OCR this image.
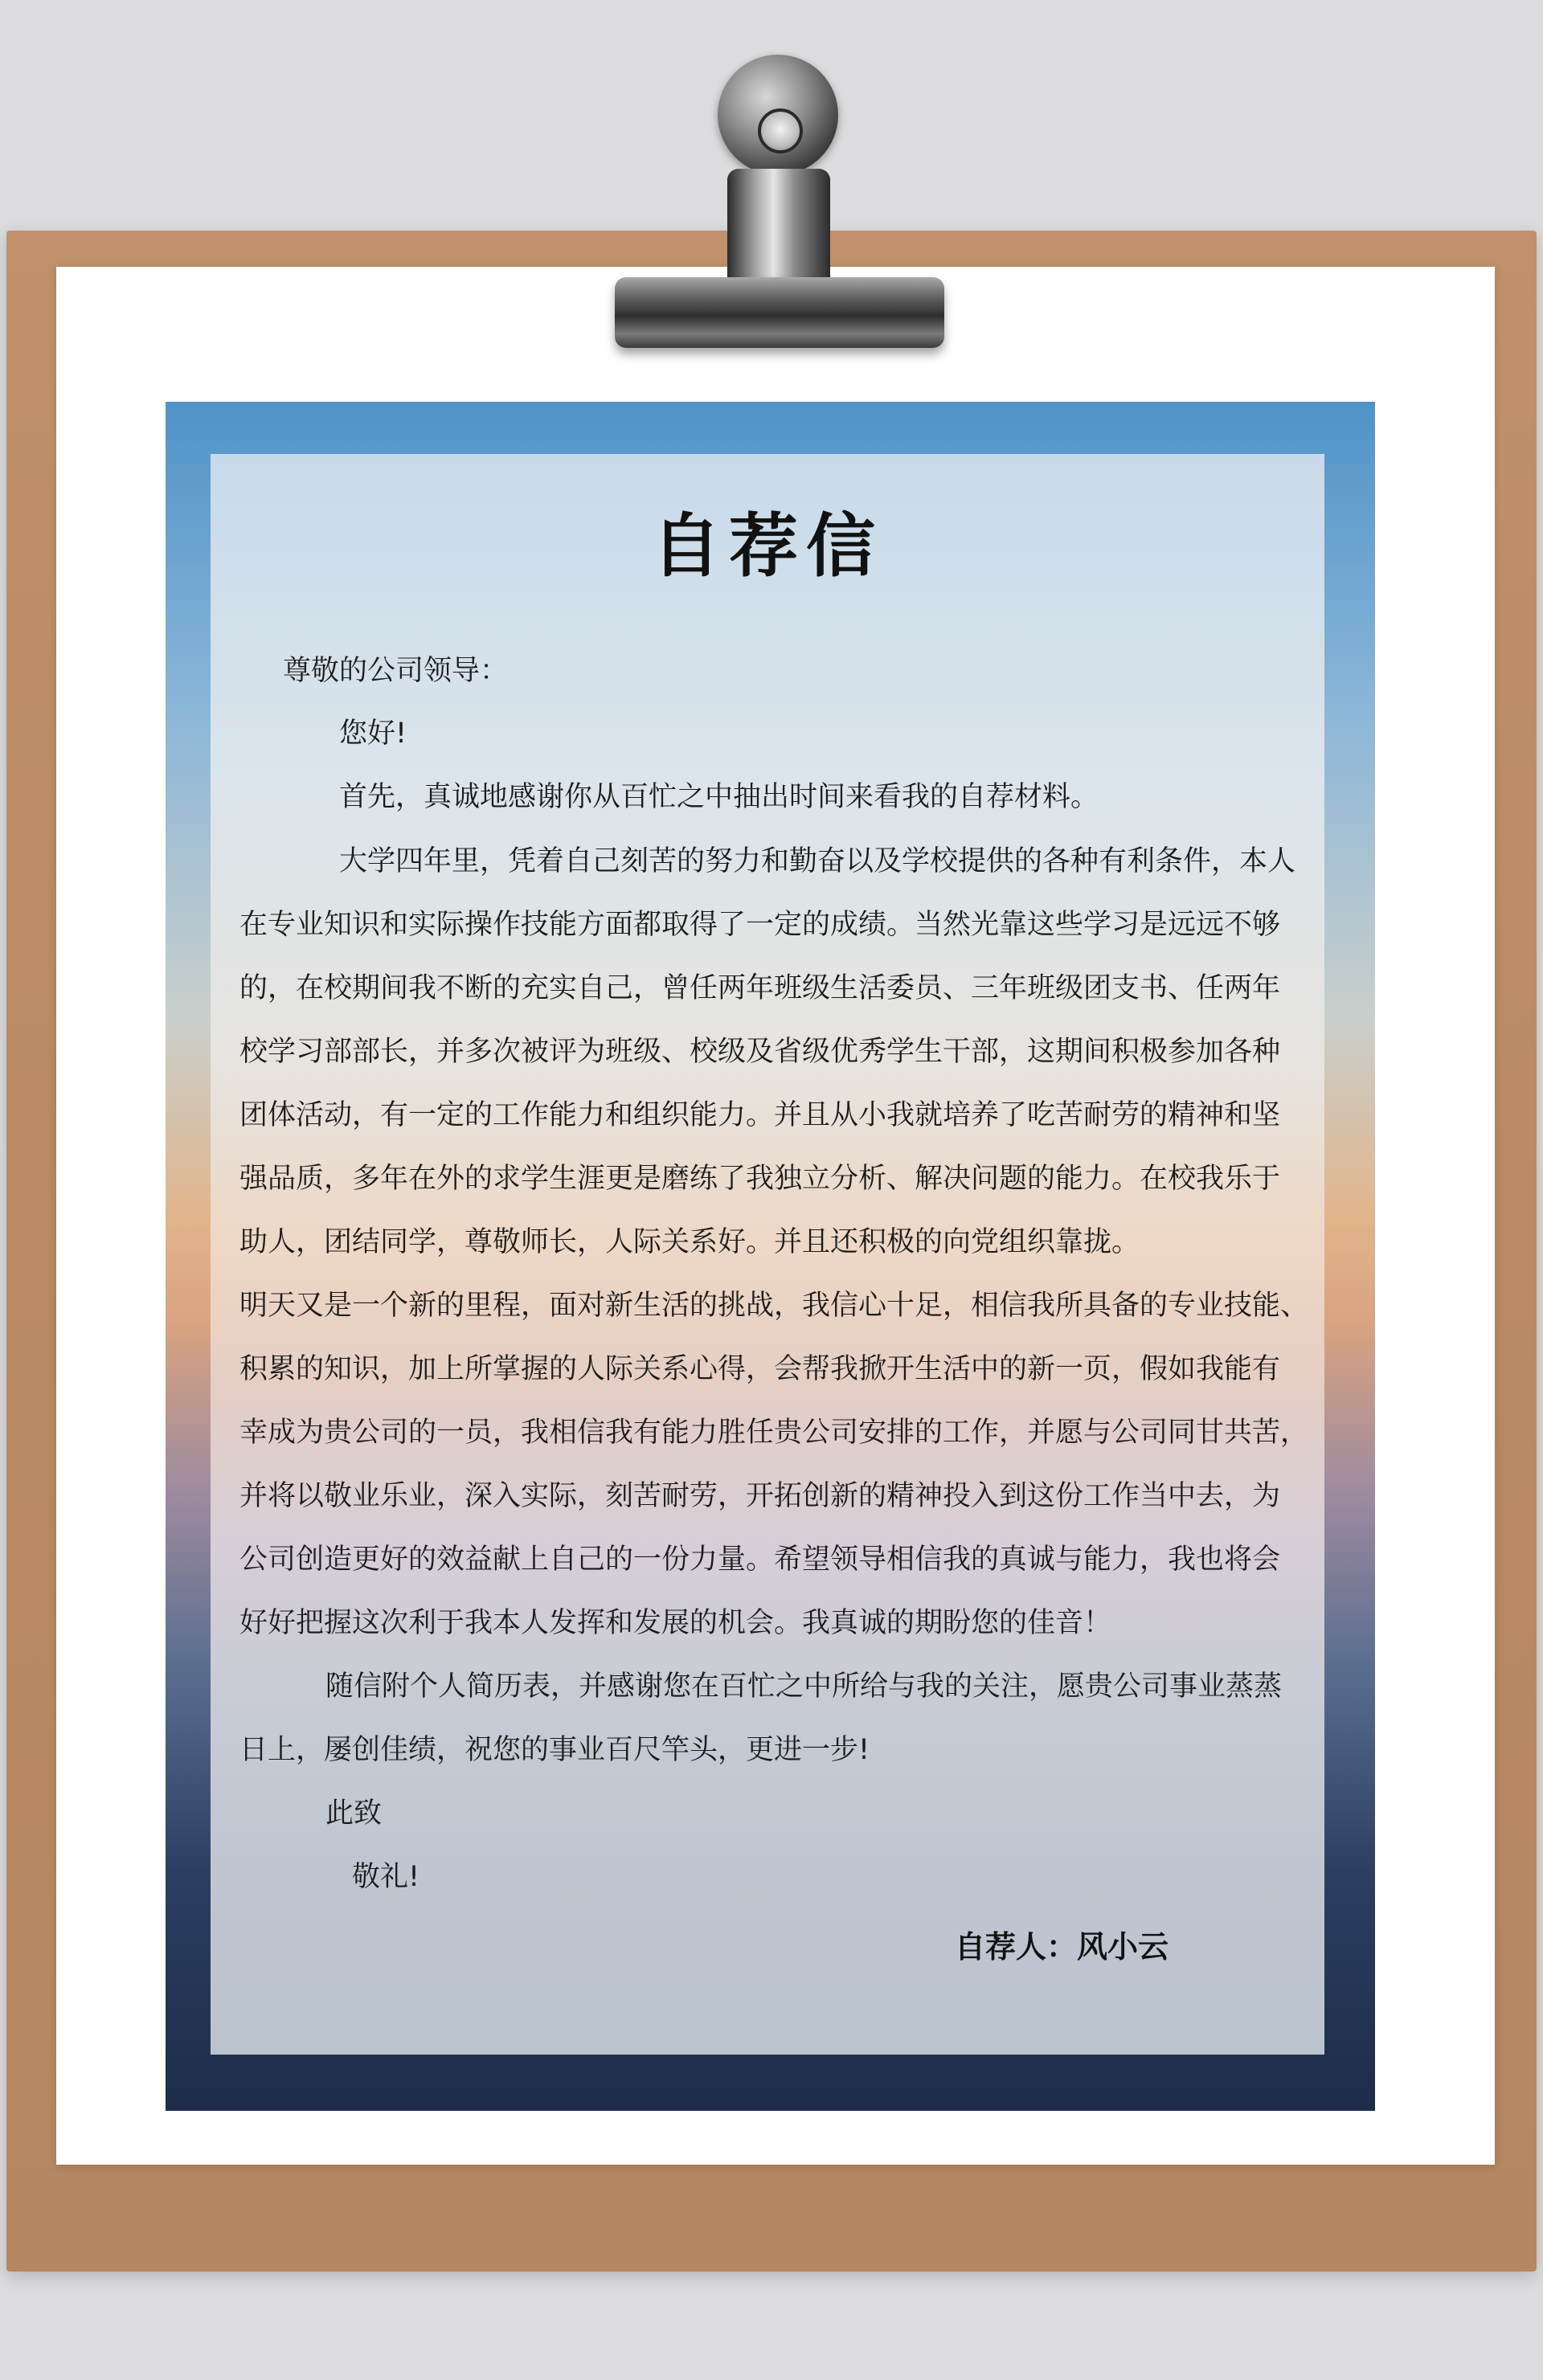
自荐信

尊敬的公司领导：

您好!

首先，真诚地感谢你从百忙之中抽出时间来看我的自荐材料。

大学四年里，凭着自己刻苦的努力和勤奋以及学校提供的各种有利条件，本人

在专业知识和实际操作技能方面都取得了一定的成绩。当然光靠这些学习是远远不够

的，在校期间我不断的充实自己，曾任两年班级生活委员、三年班级团支书、任两年

校学习部部长，并多次被评为班级、校级及省级优秀学生干部，这期间积极参加各种

团体活动，有一定的工作能力和组织能力。并且从小我就培养了吃苦耐劳的精神和坚

强品质，多年在外的求学生涯更是磨练了我独立分析、解决问题的能力。在校我乐于

助人，团结同学，尊敬师长，人际关系好。并且还积极的向党组织靠拢。

明天又是一个新的里程，面对新生活的挑战，我信心十足，相信我所具备的专业技能、

积累的知识，加上所掌握的人际关系心得，会帮我掀开生活中的新一页，假如我能有

幸成为贵公司的一员，我相信我有能力胜任贵公司安排的工作，并愿与公司同甘共苦，

并将以敬业乐业，深入实际，刻苦耐劳，开拓创新的精神投入到这份工作当中去，为

公司创造更好的效益献上自己的一份力量。希望领导相信我的真诚与能力，我也将会

好好把握这次利于我本人发挥和发展的机会。我真诚的期盼您的佳音！

随信附个人简历表，并感谢您在百忙之中所给与我的关注，愿贵公司事业蒸蒸

日上，屡创佳绩，祝您的事业百尺竿头，更进一步!

此致

敬礼!

自荐人：风小云
